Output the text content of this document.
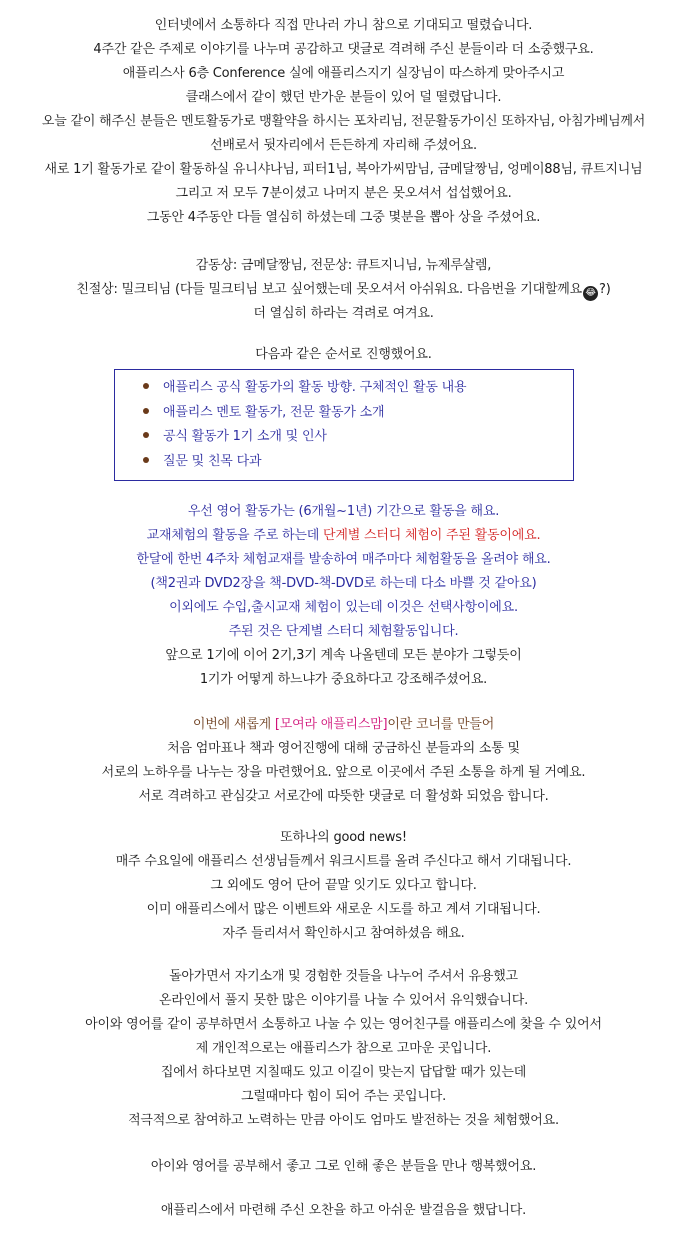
인터넷에서 소통하다 직접 만나러 가니 참으로 기대되고 떨렸습니다.
4주간 같은 주제로 이야기를 나누며 공감하고 댓글로 격려해 주신 분들이라 더 소중했구요.
애플리스사 6층 Conference 실에 애플리스지기 실장님이 따스하게 맞아주시고
클래스에서 같이 했던 반가운 분들이 있어 덜 떨렸답니다.
오늘 같이 해주신 분들은 멘토활동가로 맹활약을 하시는 포차리님, 전문활동가이신 또하자님, 아침가베님께서
선배로서 뒷자리에서 든든하게 자리해 주셨어요.
새로 1기 활동가로 같이 활동하실 유니샤나님, 피터1님, 복아가씨맘님, 금메달짱님, 엉메이88님, 큐트지니님
그리고 저 모두 7분이셨고 나머지 분은 못오셔서 섭섭했어요.
그동안 4주동안 다들 열심히 하셨는데 그중 몇분을 뽑아 상을 주셨어요.
감동상: 금메달짱님, 전문상: 큐트지니님, 뉴제루살렘,
친절상: 밀크티님 (다들 밀크티님 보고 싶어했는데 못오셔서 아쉬워요. 다음번을 기대할께요 😂 ?)
더 열심히 하라는 격려로 여겨요.
다음과 같은 순서로 진행했어요.
애플리스 공식 활동가의 활동 방향. 구체적인 활동 내용
애플리스 멘토 활동가, 전문 활동가 소개
공식 활동가 1기 소개 및 인사
질문 및 친목 다과
우선 영어 활동가는 (6개월~1년) 기간으로 활동을 해요.
교재체험의 활동을 주로 하는데 단계별 스터디 체험이 주된 활동이에요.
한달에 한번 4주차 체험교재를 발송하여 매주마다 체험활동을 올려야 해요.
(책2권과 DVD2장을 책-DVD-책-DVD로 하는데 다소 바쁠 것 같아요)
이외에도 수입,출시교재 체험이 있는데 이것은 선택사항이에요.
주된 것은 단계별 스터디 체험활동입니다.
앞으로 1기에 이어 2기,3기 계속 나올텐데 모든 분야가 그렇듯이
1기가 어떻게 하느냐가 중요하다고 강조해주셨어요.
이번에 새롭게 [모여라 애플리스맘]이란 코너를 만들어
처음 엄마표나 책과 영어진행에 대해 궁금하신 분들과의 소통 및
서로의 노하우를 나누는 장을 마련했어요. 앞으로 이곳에서 주된 소통을 하게 될 거예요.
서로 격려하고 관심갖고 서로간에 따뜻한 댓글로 더 활성화 되었음 합니다.
또하나의 good news!
매주 수요일에 애플리스 선생님들께서 워크시트를 올려 주신다고 해서 기대됩니다.
그 외에도 영어 단어 끝말 잇기도 있다고 합니다.
이미 애플리스에서 많은 이벤트와 새로운 시도를 하고 계셔 기대됩니다.
자주 들리셔서 확인하시고 참여하셨음 해요.
돌아가면서 자기소개 및 경험한 것들을 나누어 주셔서 유용했고
온라인에서 풀지 못한 많은 이야기를 나눌 수 있어서 유익했습니다.
아이와 영어를 같이 공부하면서 소통하고 나눌 수 있는 영어친구를 애플리스에 찾을 수 있어서
제 개인적으로는 애플리스가 참으로 고마운 곳입니다.
집에서 하다보면 지칠때도 있고 이길이 맞는지 답답할 때가 있는데
그럴때마다 힘이 되어 주는 곳입니다.
적극적으로 참여하고 노력하는 만큼 아이도 엄마도 발전하는 것을 체험했어요.
아이와 영어를 공부해서 좋고 그로 인해 좋은 분들을 만나 행복했어요.
애플리스에서 마련해 주신 오찬을 하고 아쉬운 발걸음을 했답니다.
